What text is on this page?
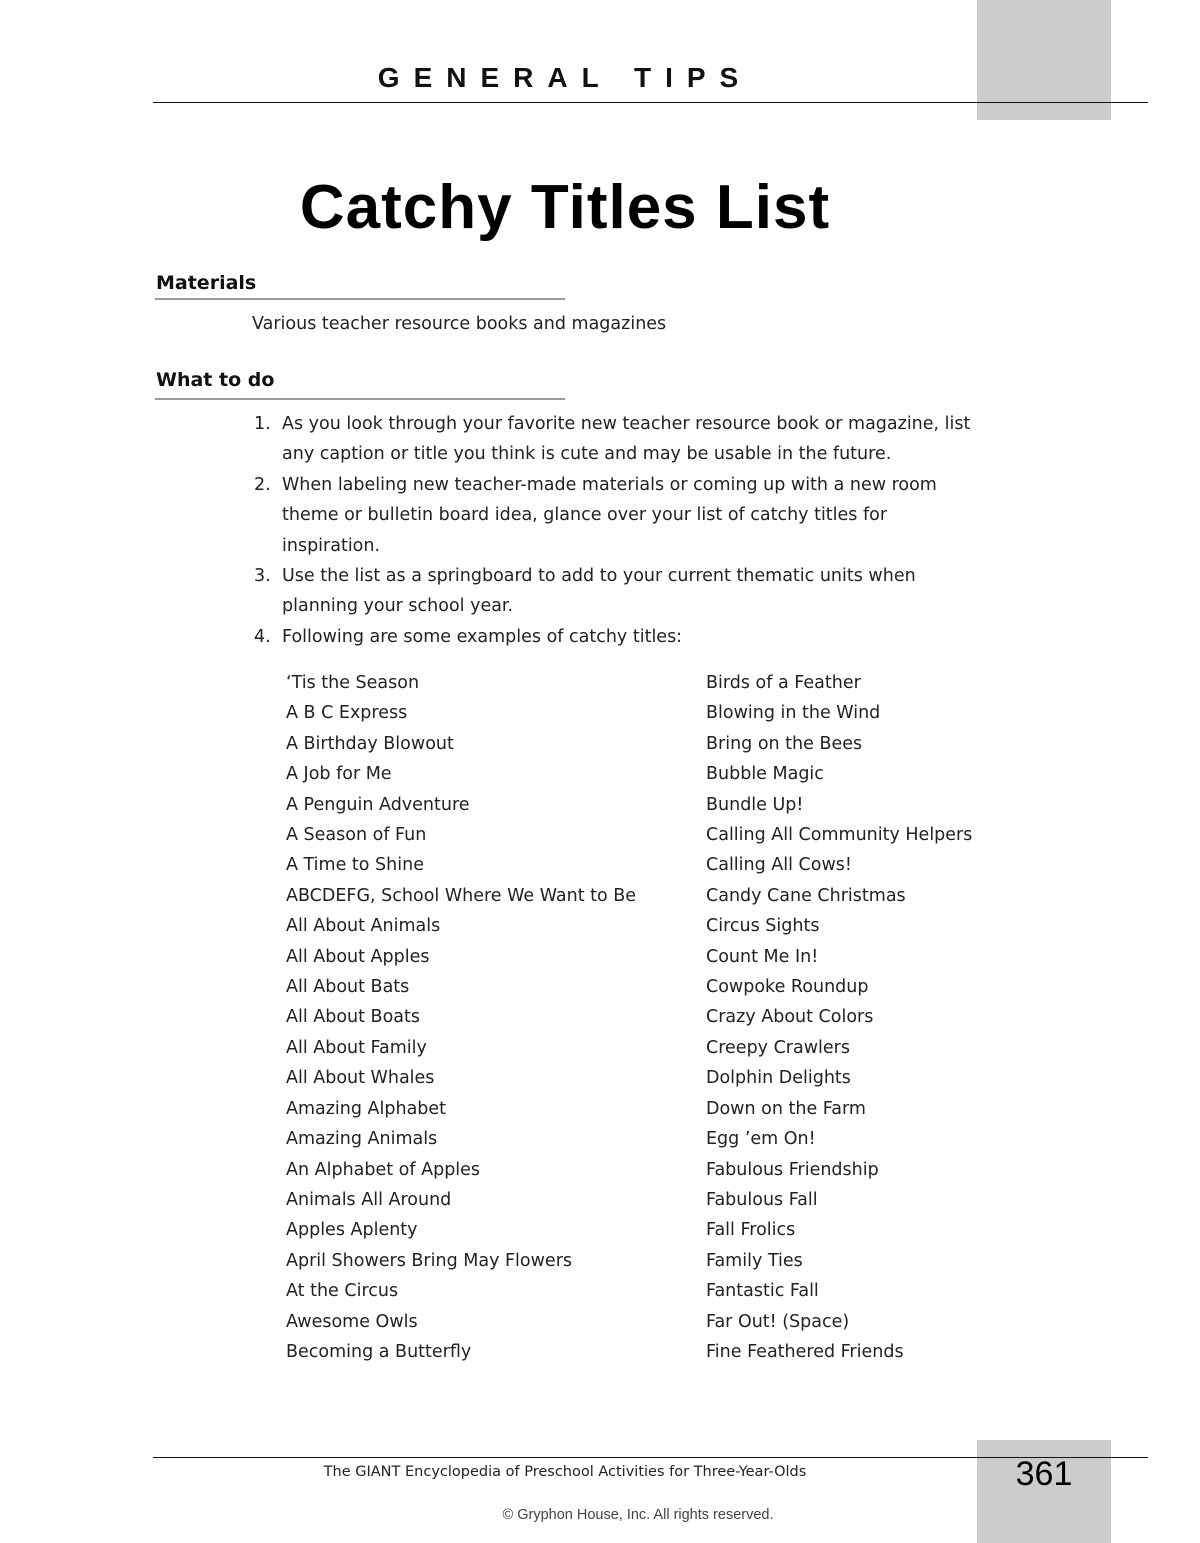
GENERAL TIPS
Catchy Titles List
Materials
Various teacher resource books and magazines
What to do
1. As you look through your favorite new teacher resource book or magazine, list any caption or title you think is cute and may be usable in the future.
2. When labeling new teacher-made materials or coming up with a new room theme or bulletin board idea, glance over your list of catchy titles for inspiration.
3. Use the list as a springboard to add to your current thematic units when planning your school year.
4. Following are some examples of catchy titles:
‘Tis the Season
A B C Express
A Birthday Blowout
A Job for Me
A Penguin Adventure
A Season of Fun
A Time to Shine
ABCDEFG, School Where We Want to Be
All About Animals
All About Apples
All About Bats
All About Boats
All About Family
All About Whales
Amazing Alphabet
Amazing Animals
An Alphabet of Apples
Animals All Around
Apples Aplenty
April Showers Bring May Flowers
At the Circus
Awesome Owls
Becoming a Butterfly
Birds of a Feather
Blowing in the Wind
Bring on the Bees
Bubble Magic
Bundle Up!
Calling All Community Helpers
Calling All Cows!
Candy Cane Christmas
Circus Sights
Count Me In!
Cowpoke Roundup
Crazy About Colors
Creepy Crawlers
Dolphin Delights
Down on the Farm
Egg ’em On!
Fabulous Friendship
Fabulous Fall
Fall Frolics
Family Ties
Fantastic Fall
Far Out! (Space)
Fine Feathered Friends
The GIANT Encyclopedia of Preschool Activities for Three-Year-Olds	361
© Gryphon House, Inc. All rights reserved.
